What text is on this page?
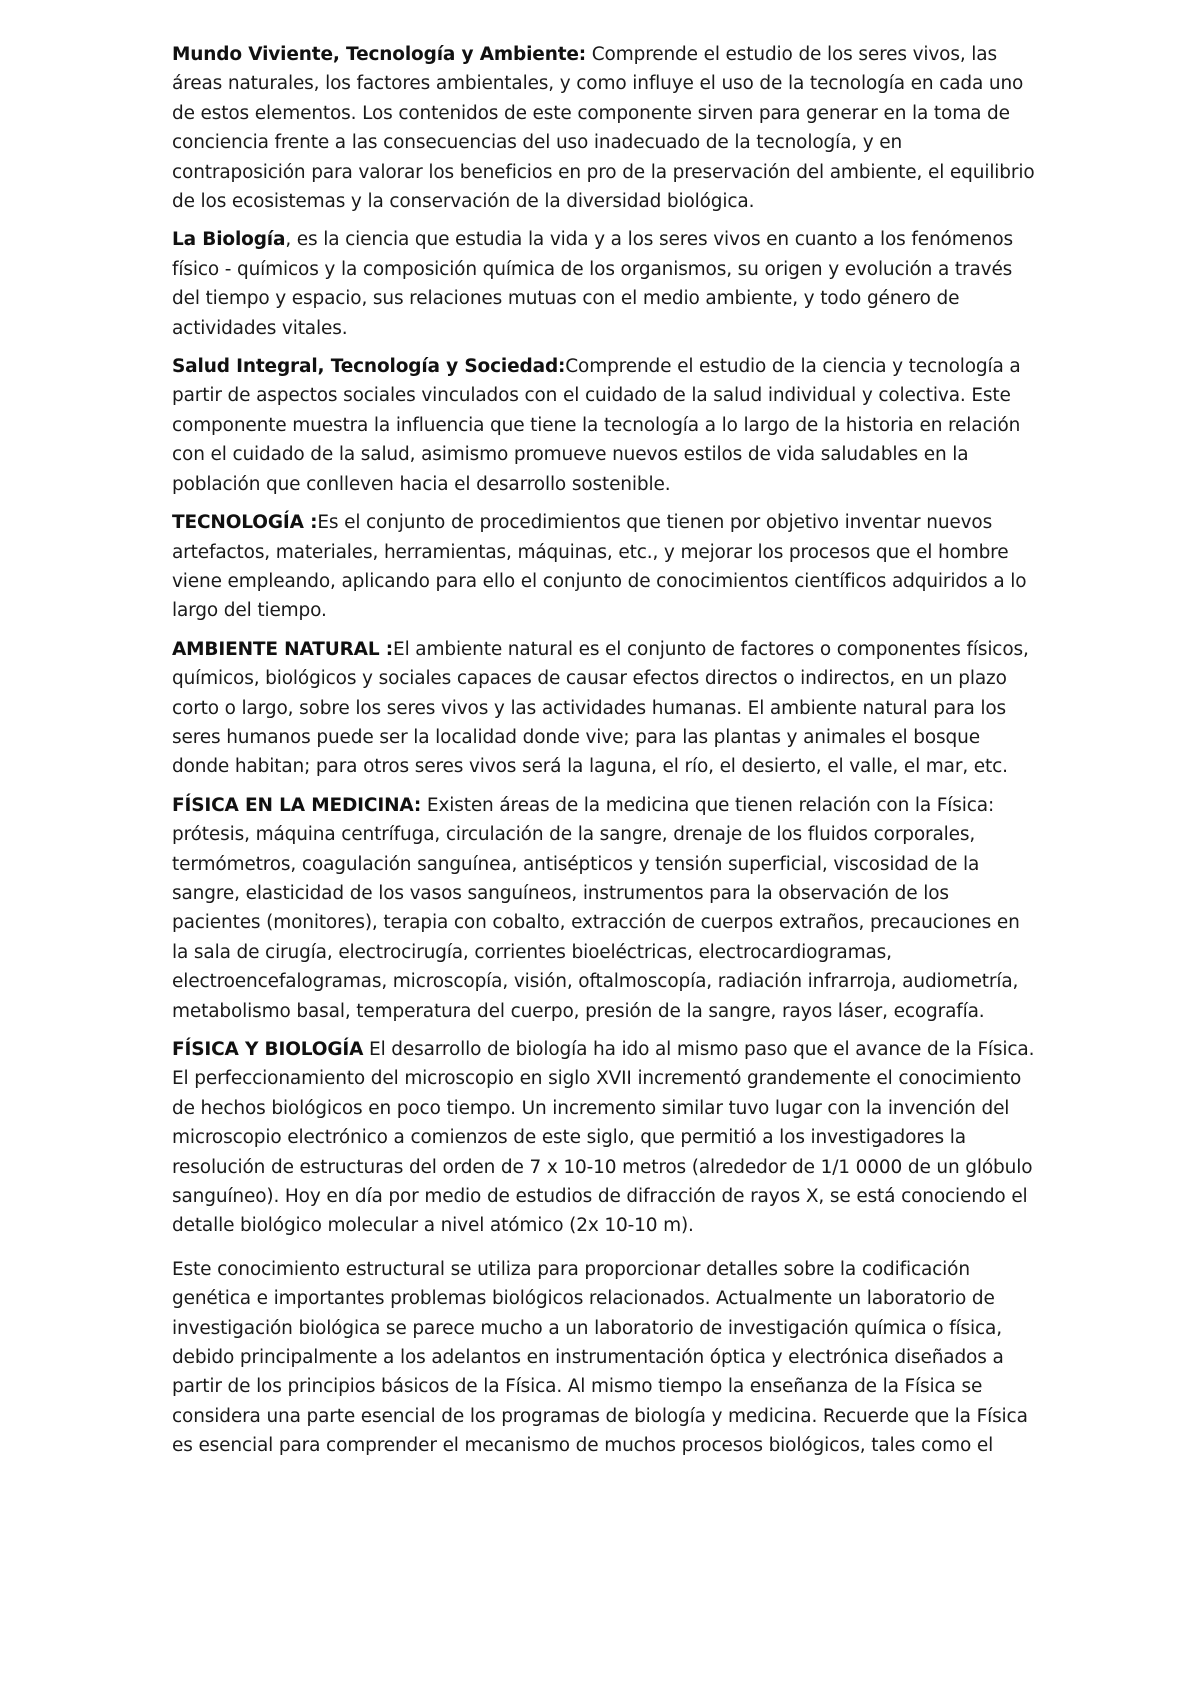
Mundo Viviente, Tecnología y Ambiente: Comprende el estudio de los seres vivos, las áreas naturales, los factores ambientales, y como influye el uso de la tecnología en cada uno de estos elementos. Los contenidos de este componente sirven para generar en la toma de conciencia frente a las consecuencias del uso inadecuado de la tecnología, y en contraposición para valorar los beneficios en pro de la preservación del ambiente, el equilibrio de los ecosistemas y la conservación de la diversidad biológica.

La Biología, es la ciencia que estudia la vida y a los seres vivos en cuanto a los fenómenos físico - químicos y la composición química de los organismos, su origen y evolución a través del tiempo y espacio, sus relaciones mutuas con el medio ambiente, y todo género de actividades vitales.

Salud Integral, Tecnología y Sociedad:Comprende el estudio de la ciencia y tecnología a partir de aspectos sociales vinculados con el cuidado de la salud individual y colectiva. Este componente muestra la influencia que tiene la tecnología a lo largo de la historia en relación con el cuidado de la salud, asimismo promueve nuevos estilos de vida saludables en la población que conlleven hacia el desarrollo sostenible.

TECNOLOGÍA :Es el conjunto de procedimientos que tienen por objetivo inventar nuevos artefactos, materiales, herramientas, máquinas, etc., y mejorar los procesos que el hombre viene empleando, aplicando para ello el conjunto de conocimientos científicos adquiridos a lo largo del tiempo.

AMBIENTE NATURAL :El ambiente natural es el conjunto de factores o componentes físicos, químicos, biológicos y sociales capaces de causar efectos directos o indirectos, en un plazo corto o largo, sobre los seres vivos y las actividades humanas. El ambiente natural para los seres humanos puede ser la localidad donde vive; para las plantas y animales el bosque donde habitan; para otros seres vivos será la laguna, el río, el desierto, el valle, el mar, etc.

FÍSICA EN LA MEDICINA: Existen áreas de la medicina que tienen relación con la Física: prótesis, máquina centrífuga, circulación de la sangre, drenaje de los fluidos corporales, termómetros, coagulación sanguínea, antisépticos y tensión superficial, viscosidad de la sangre, elasticidad de los vasos sanguíneos, instrumentos para la observación de los pacientes (monitores), terapia con cobalto, extracción de cuerpos extraños, precauciones en la sala de cirugía, electrocirugía, corrientes bioeléctricas, electrocardiogramas, electroencefalogramas, microscopía, visión, oftalmoscopía, radiación infrarroja, audiometría, metabolismo basal, temperatura del cuerpo, presión de la sangre, rayos láser, ecografía.

FÍSICA Y BIOLOGÍA El desarrollo de biología ha ido al mismo paso que el avance de la Física. El perfeccionamiento del microscopio en siglo XVII incrementó grandemente el conocimiento de hechos biológicos en poco tiempo. Un incremento similar tuvo lugar con la invención del microscopio electrónico a comienzos de este siglo, que permitió a los investigadores la resolución de estructuras del orden de 7 x 10-10 metros (alrededor de 1/1 0000 de un glóbulo sanguíneo). Hoy en día por medio de estudios de difracción de rayos X, se está conociendo el detalle biológico molecular a nivel atómico (2x 10-10 m).

Este conocimiento estructural se utiliza para proporcionar detalles sobre la codificación genética e importantes problemas biológicos relacionados. Actualmente un laboratorio de investigación biológica se parece mucho a un laboratorio de investigación química o física, debido principalmente a los adelantos en instrumentación óptica y electrónica diseñados a partir de los principios básicos de la Física. Al mismo tiempo la enseñanza de la Física se considera una parte esencial de los programas de biología y medicina. Recuerde que la Física es esencial para comprender el mecanismo de muchos procesos biológicos, tales como el
